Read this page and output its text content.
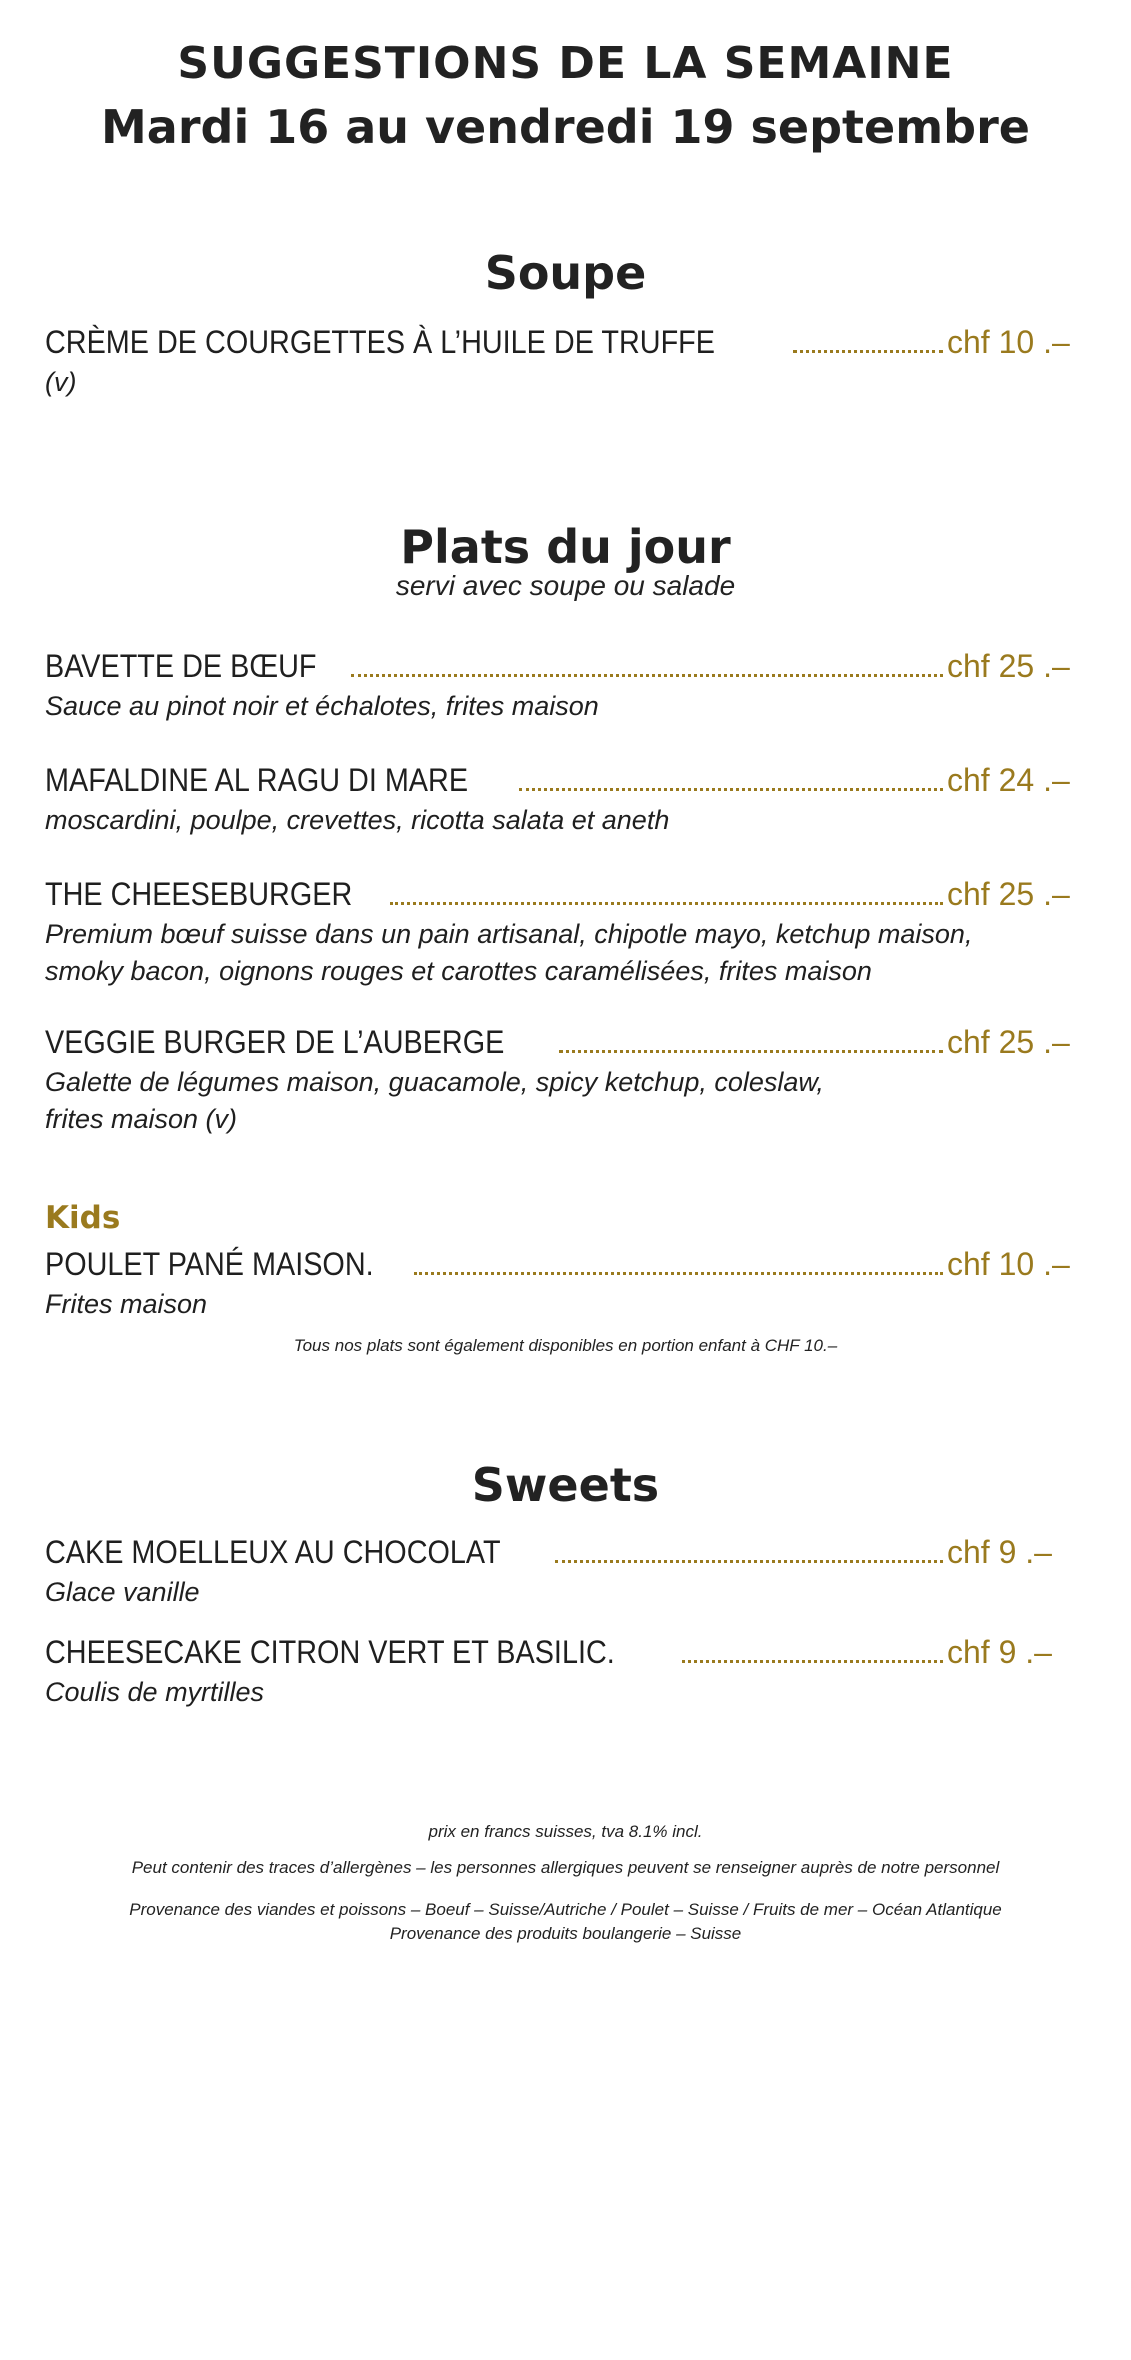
SUGGESTIONS DE LA SEMAINE
Mardi 16 au vendredi 19 septembre
Soupe
CRÈME DE COURGETTES À L’HUILE DE TRUFFE	chf 10 .–
(v)
Plats du jour
servi avec soupe ou salade
BAVETTE DE BŒUF	chf 25 .–
Sauce au pinot noir et échalotes, frites maison
MAFALDINE AL RAGU DI MARE	chf 24 .–
moscardini, poulpe, crevettes, ricotta salata et aneth
THE CHEESEBURGER	chf 25 .–
Premium bœuf suisse dans un pain artisanal, chipotle mayo, ketchup maison,
smoky bacon, oignons rouges et carottes caramélisées, frites maison
VEGGIE BURGER DE L’AUBERGE	chf 25 .–
Galette de légumes maison, guacamole, spicy ketchup, coleslaw,
frites maison (v)
Kids
POULET PANÉ MAISON.	chf 10 .–
Frites maison
Tous nos plats sont également disponibles en portion enfant à CHF 10.–
Sweets
CAKE MOELLEUX AU CHOCOLAT	chf 9 .–
Glace vanille
CHEESECAKE CITRON VERT ET BASILIC.	chf 9 .–
Coulis de myrtilles
prix en francs suisses, tva 8.1% incl.
Peut contenir des traces d’allergènes – les personnes allergiques peuvent se renseigner auprès de notre personnel
Provenance des viandes et poissons – Boeuf – Suisse/Autriche / Poulet – Suisse / Fruits de mer – Océan Atlantique
Provenance des produits boulangerie – Suisse
